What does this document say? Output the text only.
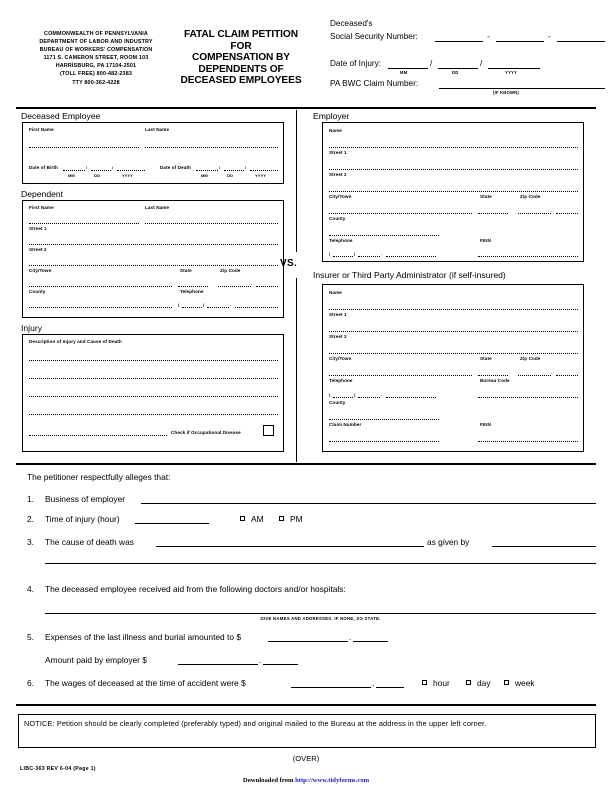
COMMONWEALTH OF PENNSYLVANIA
DEPARTMENT OF LABOR AND INDUSTRY
BUREAU OF WORKERS' COMPENSATION
1171 S. CAMERON STREET, ROOM 103
HARRISBURG, PA 17104-2501
(TOLL FREE) 800-482-2383
TTY 800-362-4228
FATAL CLAIM PETITION FOR
COMPENSATION BY
DEPENDENTS OF
DECEASED EMPLOYEES
Deceased's
Social Security Number:	-	-
Date of Injury:	/	/
MM	DD	YYYY
PA BWC Claim Number:
(IF KNOWN)
VS.
Deceased Employee
First Name	Last Name
Date of Birth	/	/
MM	DD	YYYY
Date of Death	/	/
MM	DD	YYYY
Dependent
First Name	Last Name
Street 1
Street 2
City/Town	State	Zip Code
-
County	Telephone
(	)	-
Injury
Description of Injury and Cause of Death
Check if Occupational Disease
Employer
Name
Street 1
Street 2
City/Town	State	Zip Code
-
County
Telephone	FEIN
(	)	-
Insurer or Third Party Administrator (if self-insured)
Name
Street 1
Street 2
City/Town	State	Zip Code
-
Telephone	Bureau Code
(	)	-
County
Claim Number	FEIN
The petitioner respectfully alleges that:
1. Business of employer
2. Time of injury (hour)	AM	PM
3. The cause of death was	as given by
4. The deceased employee received aid from the following doctors and/or hospitals:
GIVE NAMES AND ADDRESSES. IF NONE, SO STATE.
5. Expenses of the last illness and burial amounted to $	.
Amount paid by employer $	.
6. The wages of deceased at the time of accident were $	.	hour	day	week
NOTICE: Petition should be clearly completed (preferably typed) and original mailed to the Bureau at the address in the upper left corner.
(OVER)
LIBC-363 REV 6-04 (Page 1)
Downloaded from http://www.tidyforms.com
